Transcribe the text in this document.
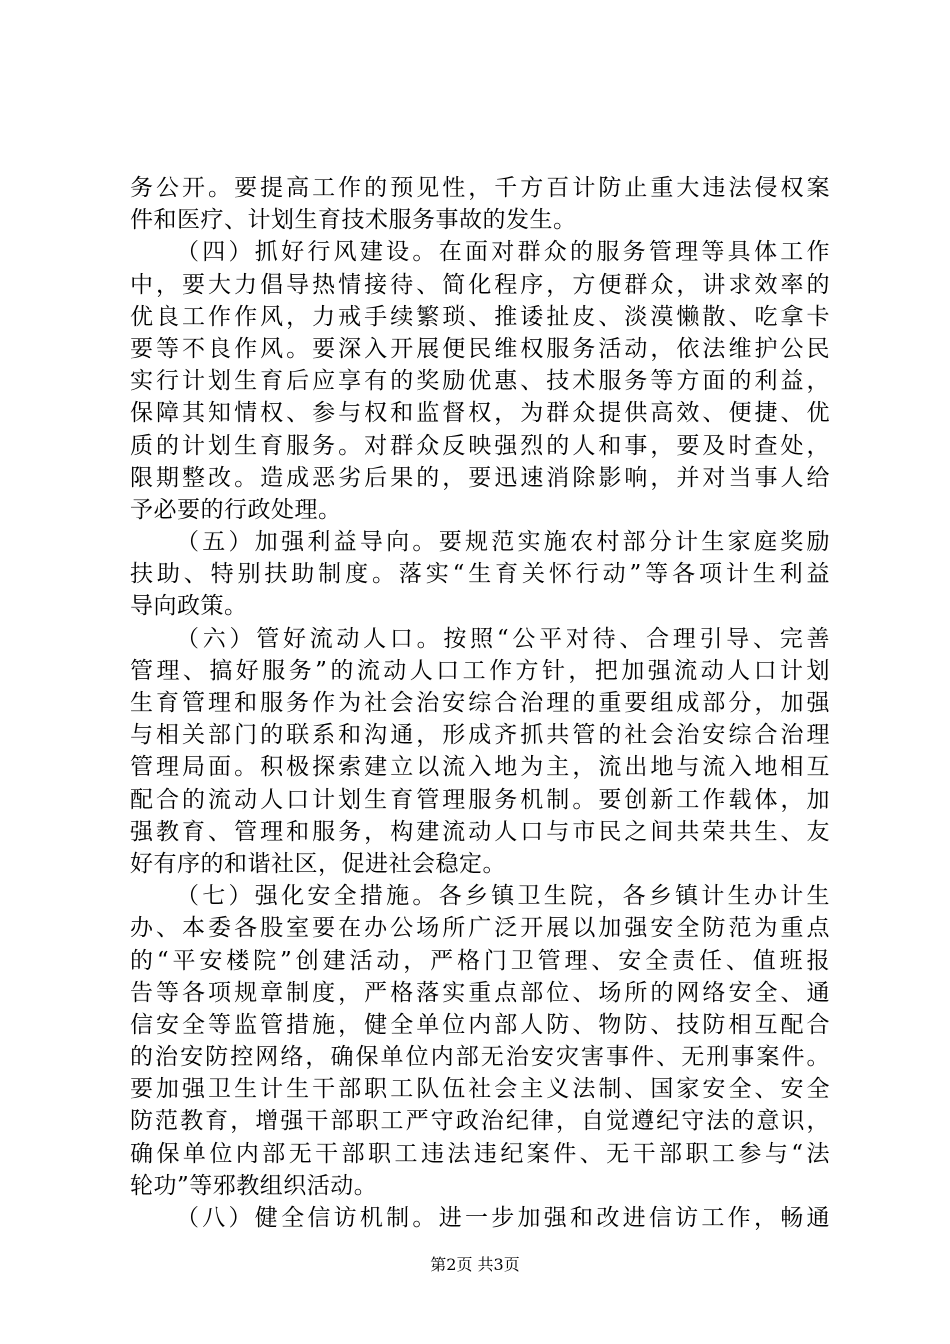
务公开。要提高工作的预见性，千方百计防止重大违法侵权案
件和医疗、计划生育技术服务事故的发生。
（四）抓好行风建设。在面对群众的服务管理等具体工作
中，要大力倡导热情接待、简化程序，方便群众，讲求效率的
优良工作作风，力戒手续繁琐、推诿扯皮、淡漠懒散、吃拿卡
要等不良作风。要深入开展便民维权服务活动，依法维护公民
实行计划生育后应享有的奖励优惠、技术服务等方面的利益，
保障其知情权、参与权和监督权，为群众提供高效、便捷、优
质的计划生育服务。对群众反映强烈的人和事，要及时查处，
限期整改。造成恶劣后果的，要迅速消除影响，并对当事人给
予必要的行政处理。
（五）加强利益导向。要规范实施农村部分计生家庭奖励
扶助、特别扶助制度。落实“生育关怀行动”等各项计生利益
导向政策。
（六）管好流动人口。按照“公平对待、合理引导、完善
管理、搞好服务”的流动人口工作方针，把加强流动人口计划
生育管理和服务作为社会治安综合治理的重要组成部分，加强
与相关部门的联系和沟通，形成齐抓共管的社会治安综合治理
管理局面。积极探索建立以流入地为主，流出地与流入地相互
配合的流动人口计划生育管理服务机制。要创新工作载体，加
强教育、管理和服务，构建流动人口与市民之间共荣共生、友
好有序的和谐社区，促进社会稳定。
（七）强化安全措施。各乡镇卫生院，各乡镇计生办计生
办、本委各股室要在办公场所广泛开展以加强安全防范为重点
的“平安楼院”创建活动，严格门卫管理、安全责任、值班报
告等各项规章制度，严格落实重点部位、场所的网络安全、通
信安全等监管措施，健全单位内部人防、物防、技防相互配合
的治安防控网络，确保单位内部无治安灾害事件、无刑事案件。
要加强卫生计生干部职工队伍社会主义法制、国家安全、安全
防范教育，增强干部职工严守政治纪律，自觉遵纪守法的意识，
确保单位内部无干部职工违法违纪案件、无干部职工参与“法
轮功”等邪教组织活动。
（八）健全信访机制。进一步加强和改进信访工作，畅通
第2页 共3页
